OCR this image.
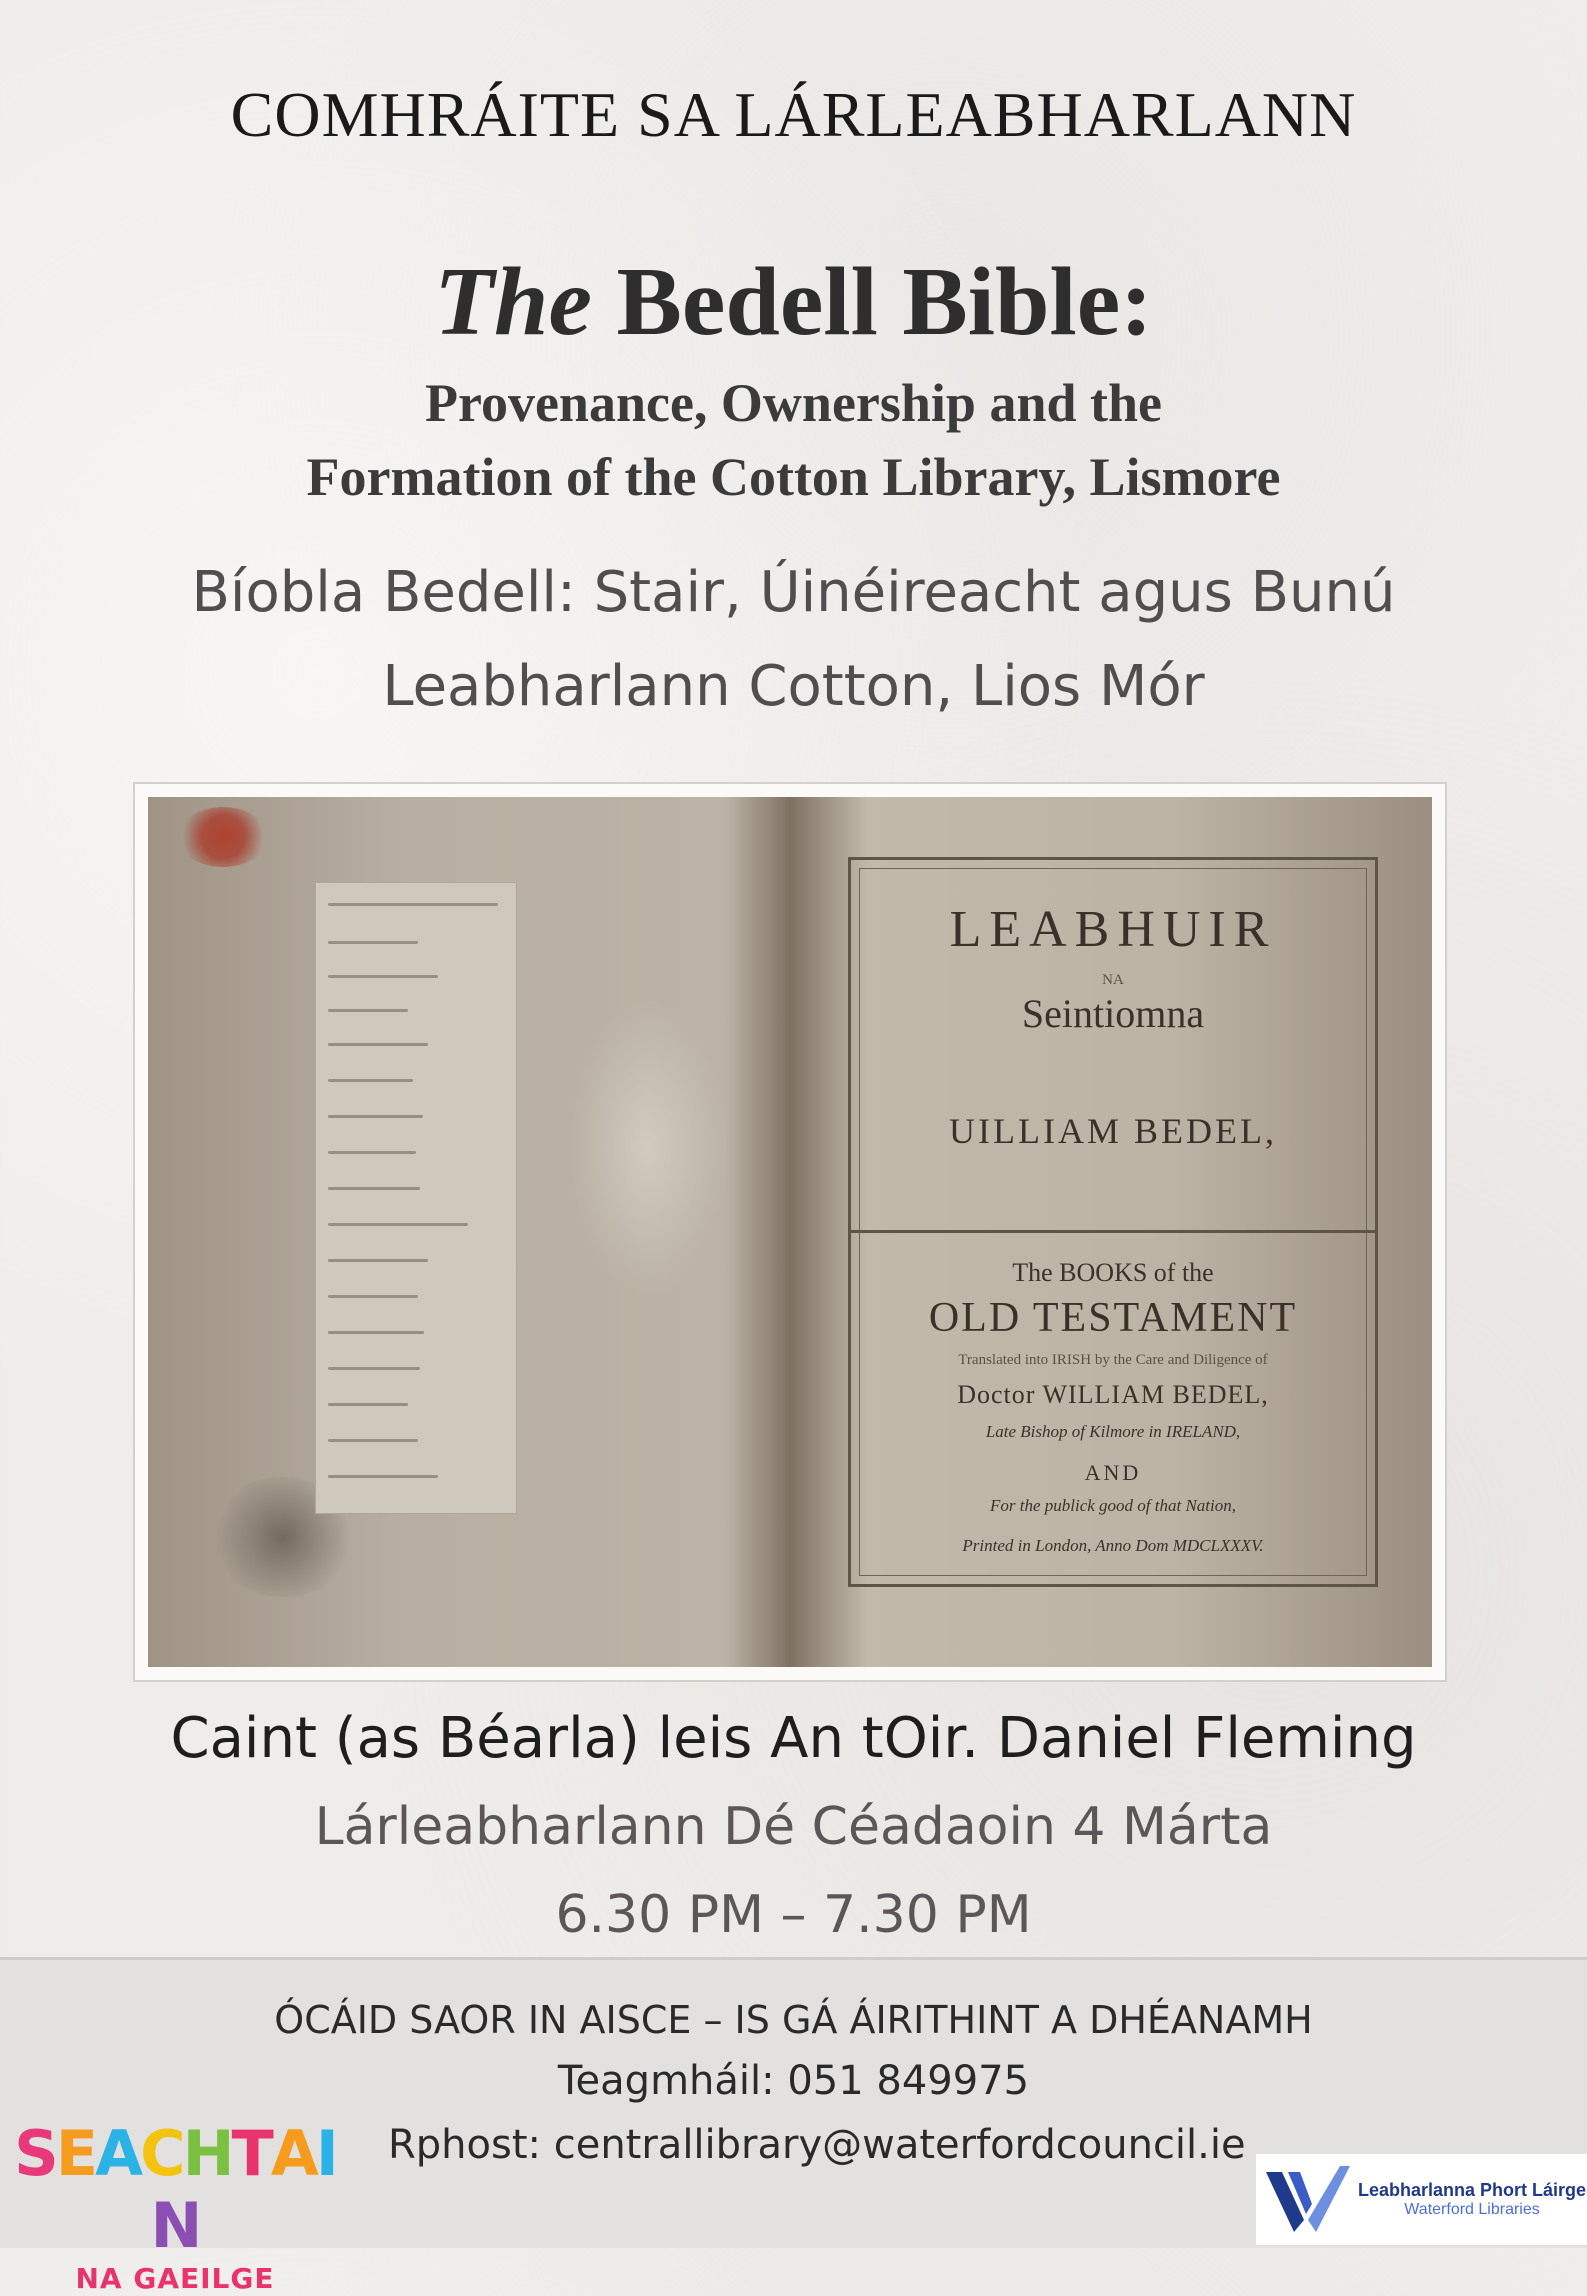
COMHRÁITE SA LÁRLEABHARLANN
The Bedell Bible:
Provenance, Ownership and the
Formation of the Cotton Library, Lismore
Bíobla Bedell: Stair, Úinéireacht agus Bunú
Leabharlann Cotton, Lios Mór
LEABHUIR
NA
Seintiomna
UILLIAM BEDEL,
The BOOKS of the
OLD TESTAMENT
Translated into IRISH by the Care and Diligence of
Doctor WILLIAM BEDEL,
Late Bishop of Kilmore in IRELAND,
AND
For the publick good of that Nation,
Printed in London, Anno Dom MDCLXXXV.
Caint (as Béarla) leis An tOir. Daniel Fleming
Lárleabharlann Dé Céadaoin 4 Márta
6.30 PM – 7.30 PM
ÓCÁID SAOR IN AISCE – IS GÁ ÁIRITHINT A DHÉANAMH
Teagmháil: 051 849975
Rphost: centrallibrary@waterfordcouncil.ie
SEACHTAIN
NA GAEILGE
Leabharlanna Phort Láirge
Waterford Libraries
